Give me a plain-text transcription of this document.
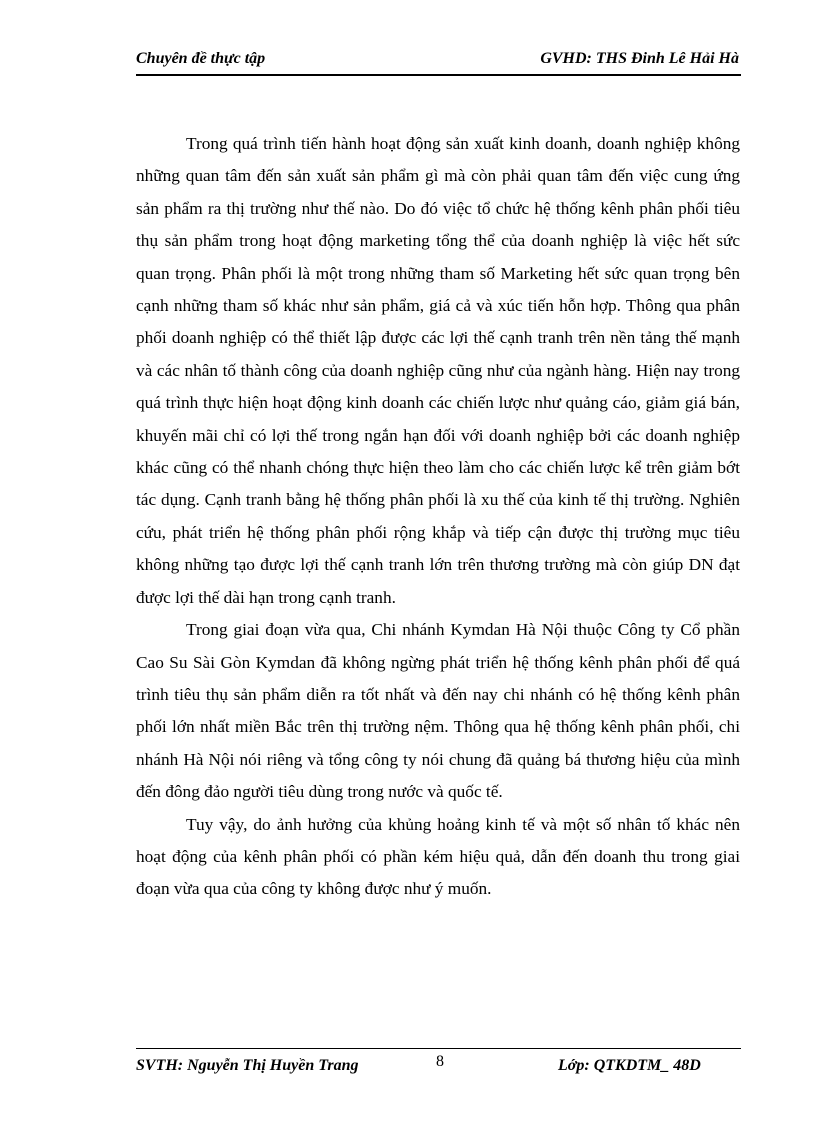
Chuyên đề thực tập	GVHD: THS Đinh Lê Hải Hà

Trong quá trình tiến hành hoạt động sản xuất kinh doanh, doanh nghiệp không những quan tâm đến sản xuất sản phẩm gì mà còn phải quan tâm đến việc cung ứng sản phẩm ra thị trường như thế nào. Do đó việc tổ chức hệ thống kênh phân phối tiêu thụ sản phẩm trong hoạt động marketing tổng thể của doanh nghiệp là việc hết sức quan trọng. Phân phối là một trong những tham số Marketing hết sức quan trọng bên cạnh những tham số khác như sản phẩm, giá cả và xúc tiến hỗn hợp. Thông qua phân phối doanh nghiệp có thể thiết lập được các lợi thế cạnh tranh trên nền tảng thế mạnh và các nhân tố thành công của doanh nghiệp cũng như của ngành hàng. Hiện nay trong quá trình thực hiện hoạt động kinh doanh các chiến lược như quảng cáo, giảm giá bán, khuyến mãi chỉ có lợi thế trong ngắn hạn đối với doanh nghiệp bởi các doanh nghiệp khác cũng có thể nhanh chóng thực hiện theo làm cho các chiến lược kể trên giảm bớt tác dụng. Cạnh tranh bằng hệ thống phân phối là xu thế của kinh tế thị trường. Nghiên cứu, phát triển hệ thống phân phối rộng khắp và tiếp cận được thị trường mục tiêu không những tạo được lợi thế cạnh tranh lớn trên thương trường mà còn giúp DN đạt được lợi thế dài hạn trong cạnh tranh.

Trong giai đoạn vừa qua, Chi nhánh Kymdan Hà Nội thuộc Công ty Cổ phần Cao Su Sài Gòn Kymdan đã không ngừng phát triển hệ thống kênh phân phối để quá trình tiêu thụ sản phẩm diễn ra tốt nhất và đến nay chi nhánh có hệ thống kênh phân phối lớn nhất miền Bắc trên thị trường nệm. Thông qua hệ thống kênh phân phối, chi nhánh Hà Nội nói riêng và tổng công ty nói chung đã quảng bá thương hiệu của mình đến đông đảo người tiêu dùng trong nước và quốc tế.

Tuy vậy, do ảnh hưởng của khủng hoảng kinh tế và một số nhân tố khác nên hoạt động của kênh phân phối có phần kém hiệu quả, dẫn đến doanh thu trong giai đoạn vừa qua của công ty không được như ý muốn.

SVTH: Nguyễn Thị Huyền Trang	8	Lớp: QTKDTM_ 48D
